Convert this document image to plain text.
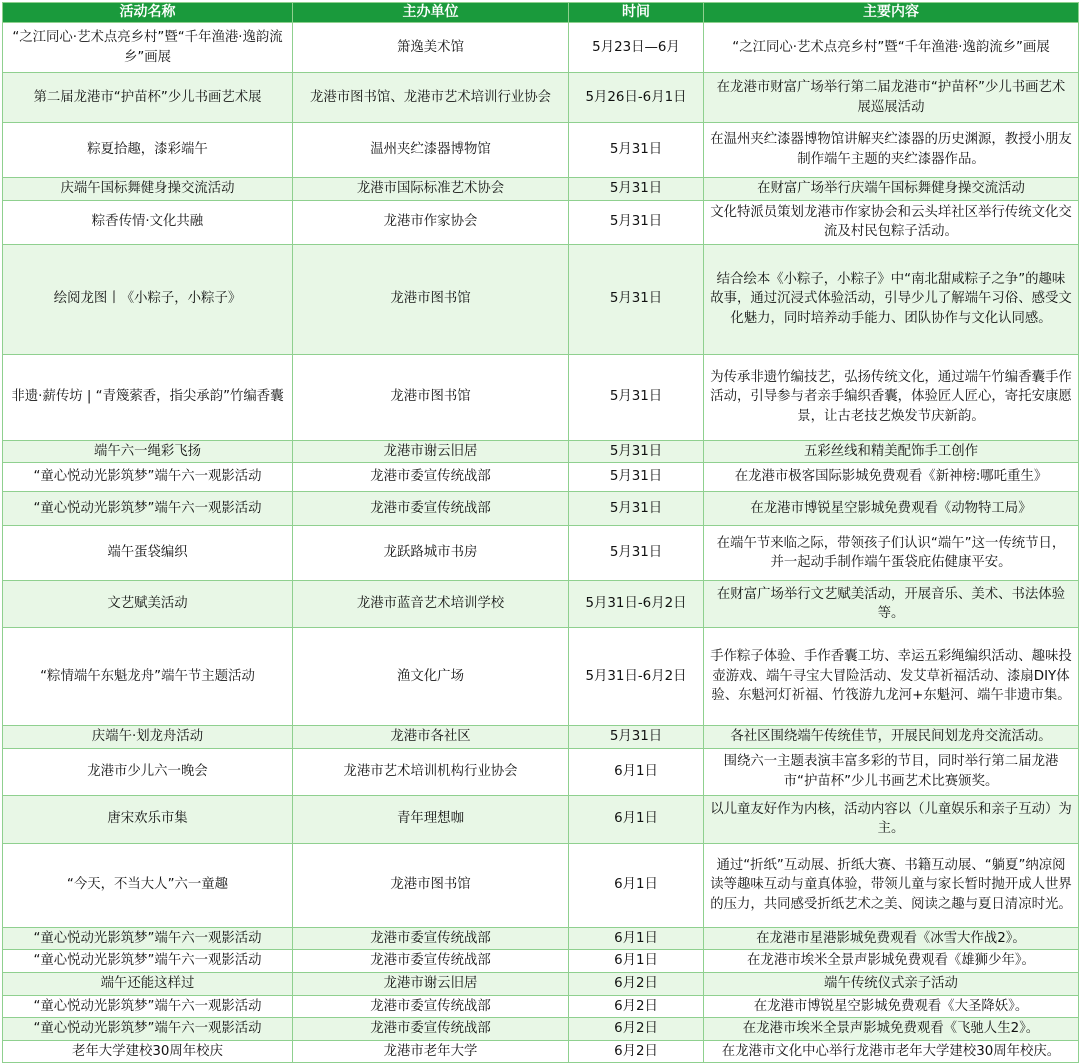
活动名称	主办单位	时间	主要内容
“之江同心·艺术点亮乡村”暨“千年渔港·逸韵流乡”画展	箫逸美术馆	5月23日—6月	“之江同心·艺术点亮乡村”暨“千年渔港·逸韵流乡”画展
第二届龙港市“护苗杯”少儿书画艺术展	龙港市图书馆、龙港市艺术培训行业协会	5月26日-6月1日	在龙港市财富广场举行第二届龙港市“护苗杯”少儿书画艺术展巡展活动
粽夏拾趣，漆彩端午	温州夹纻漆器博物馆	5月31日	在温州夹纻漆器博物馆讲解夹纻漆器的历史渊源，教授小朋友制作端午主题的夹纻漆器作品。
庆端午国标舞健身操交流活动	龙港市国际标准艺术协会	5月31日	在财富广场举行庆端午国标舞健身操交流活动
粽香传情·文化共融	龙港市作家协会	5月31日	文化特派员策划龙港市作家协会和云头垟社区举行传统文化交流及村民包粽子活动。
绘阅龙图丨《小粽子，小粽子》	龙港市图书馆	5月31日	结合绘本《小粽子，小粽子》中“南北甜咸粽子之争”的趣味故事，通过沉浸式体验活动，引导少儿了解端午习俗、感受文化魅力，同时培养动手能力、团队协作与文化认同感。
非遗·薪传坊 | “青篾萦香，指尖承韵”竹编香囊	龙港市图书馆	5月31日	为传承非遗竹编技艺，弘扬传统文化，通过端午竹编香囊手作活动，引导参与者亲手编织香囊，体验匠人匠心，寄托安康愿景，让古老技艺焕发节庆新韵。
端午六一绳彩飞扬	龙港市谢云旧居	5月31日	五彩丝线和精美配饰手工创作
“童心悦动光影筑梦”端午六一观影活动	龙港市委宣传统战部	5月31日	在龙港市极客国际影城免费观看《新神榜:哪吒重生》
“童心悦动光影筑梦”端午六一观影活动	龙港市委宣传统战部	5月31日	在龙港市博锐星空影城免费观看《动物特工局》
端午蛋袋编织	龙跃路城市书房	5月31日	在端午节来临之际，带领孩子们认识“端午”这一传统节日，并一起动手制作端午蛋袋庇佑健康平安。
文艺赋美活动	龙港市蓝音艺术培训学校	5月31日-6月2日	在财富广场举行文艺赋美活动，开展音乐、美术、书法体验等。
“粽情端午东魁龙舟”端午节主题活动	渔文化广场	5月31日-6月2日	手作粽子体验、手作香囊工坊、幸运五彩绳编织活动、趣味投壶游戏、端午寻宝大冒险活动、发艾草祈福活动、漆扇DIY体验、东魁河灯祈福、竹筏游九龙河+东魁河、端午非遗市集。
庆端午·划龙舟活动	龙港市各社区	5月31日	各社区围绕端午传统佳节，开展民间划龙舟交流活动。
龙港市少儿六一晚会	龙港市艺术培训机构行业协会	6月1日	围绕六一主题表演丰富多彩的节目，同时举行第二届龙港市“护苗杯”少儿书画艺术比赛颁奖。
唐宋欢乐市集	青年理想咖	6月1日	以儿童友好作为内核，活动内容以（儿童娱乐和亲子互动）为主。
“今天，不当大人”六一童趣	龙港市图书馆	6月1日	通过“折纸”互动展、折纸大赛、书籍互动展、“躺夏”纳凉阅读等趣味互动与童真体验，带领儿童与家长暂时抛开成人世界的压力，共同感受折纸艺术之美、阅读之趣与夏日清凉时光。
“童心悦动光影筑梦”端午六一观影活动	龙港市委宣传统战部	6月1日	在龙港市星港影城免费观看《冰雪大作战2》。
“童心悦动光影筑梦”端午六一观影活动	龙港市委宣传统战部	6月1日	在龙港市埃米全景声影城免费观看《雄狮少年》。
端午还能这样过	龙港市谢云旧居	6月2日	端午传统仪式亲子活动
“童心悦动光影筑梦”端午六一观影活动	龙港市委宣传统战部	6月2日	在龙港市博锐星空影城免费观看《大圣降妖》。
“童心悦动光影筑梦”端午六一观影活动	龙港市委宣传统战部	6月2日	在龙港市埃米全景声影城免费观看《飞驰人生2》。
老年大学建校30周年校庆	龙港市老年大学	6月2日	在龙港市文化中心举行龙港市老年大学建校30周年校庆。
